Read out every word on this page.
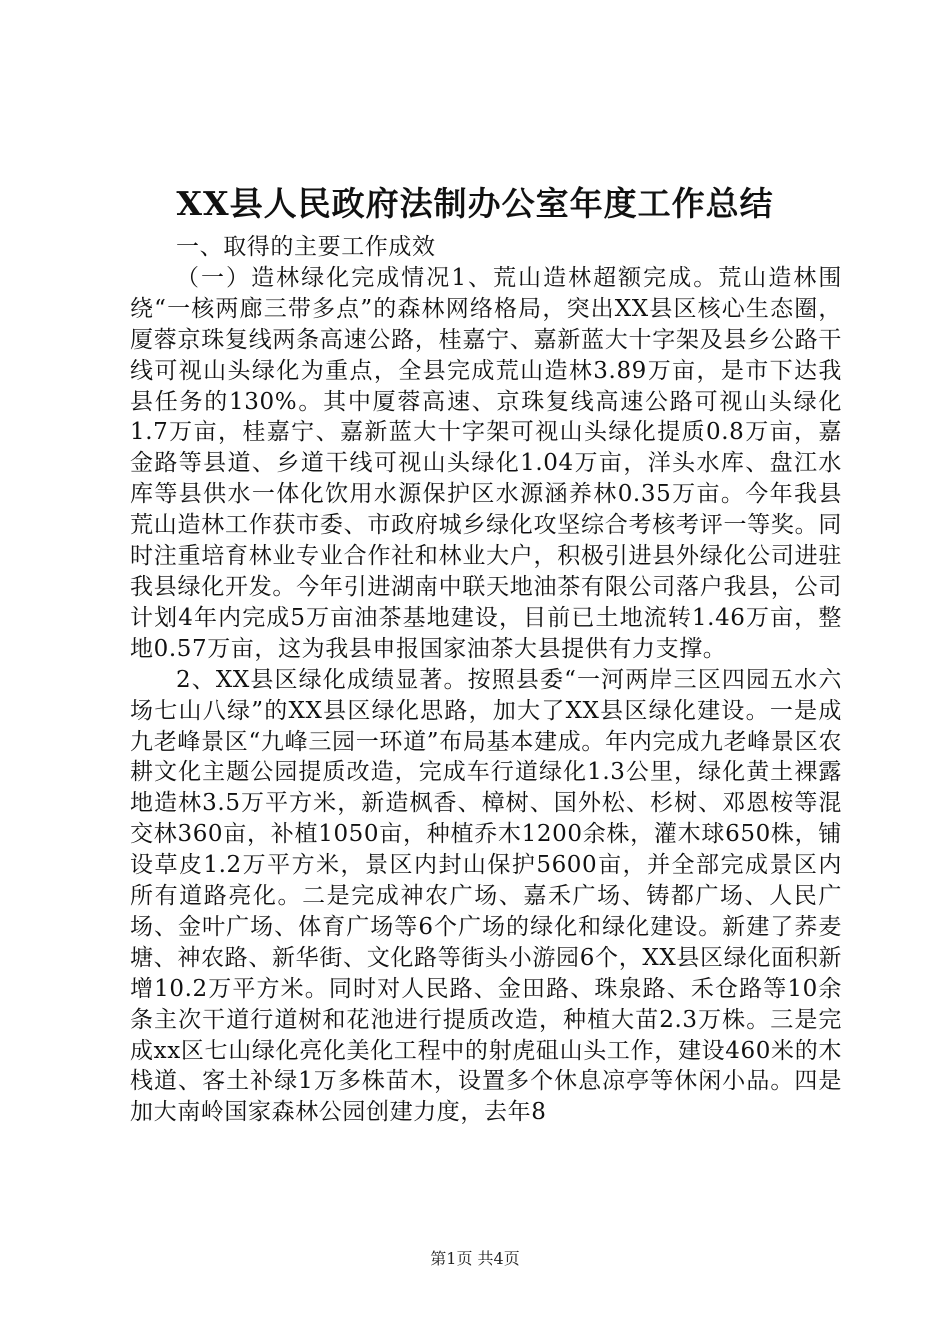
XX县人民政府法制办公室年度工作总结

一、取得的主要工作成效

（一）造林绿化完成情况1、荒山造林超额完成。荒山造林围绕“一核两廊三带多点”的森林网络格局，突出XX县区核心生态圈，厦蓉京珠复线两条高速公路，桂嘉宁、嘉新蓝大十字架及县乡公路干线可视山头绿化为重点，全县完成荒山造林3.89万亩，是市下达我县任务的130%。其中厦蓉高速、京珠复线高速公路可视山头绿化1.7万亩，桂嘉宁、嘉新蓝大十字架可视山头绿化提质0.8万亩，嘉金路等县道、乡道干线可视山头绿化1.04万亩，洋头水库、盘江水库等县供水一体化饮用水源保护区水源涵养林0.35万亩。今年我县荒山造林工作获市委、市政府城乡绿化攻坚综合考核考评一等奖。同时注重培育林业专业合作社和林业大户，积极引进县外绿化公司进驻我县绿化开发。今年引进湖南中联天地油茶有限公司落户我县，公司计划4年内完成5万亩油茶基地建设，目前已土地流转1.46万亩，整地0.57万亩，这为我县申报国家油茶大县提供有力支撑。

2、XX县区绿化成绩显著。按照县委“一河两岸三区四园五水六场七山八绿”的XX县区绿化思路，加大了XX县区绿化建设。一是成九老峰景区“九峰三园一环道”布局基本建成。年内完成九老峰景区农耕文化主题公园提质改造，完成车行道绿化1.3公里，绿化黄土裸露地造林3.5万平方米，新造枫香、樟树、国外松、杉树、邓恩桉等混交林360亩，补植1050亩，种植乔木1200余株，灌木球650株，铺设草皮1.2万平方米，景区内封山保护5600亩，并全部完成景区内所有道路亮化。二是完成神农广场、嘉禾广场、铸都广场、人民广场、金叶广场、体育广场等6个广场的绿化和绿化建设。新建了荞麦塘、神农路、新华街、文化路等街头小游园6个，XX县区绿化面积新增10.2万平方米。同时对人民路、金田路、珠泉路、禾仓路等10余条主次干道行道树和花池进行提质改造，种植大苗2.3万株。三是完成xx区七山绿化亮化美化工程中的射虎砠山头工作，建设460米的木栈道、客土补绿1万多株苗木，设置多个休息凉亭等休闲小品。四是加大南岭国家森林公园创建力度，去年8

第1页 共4页
